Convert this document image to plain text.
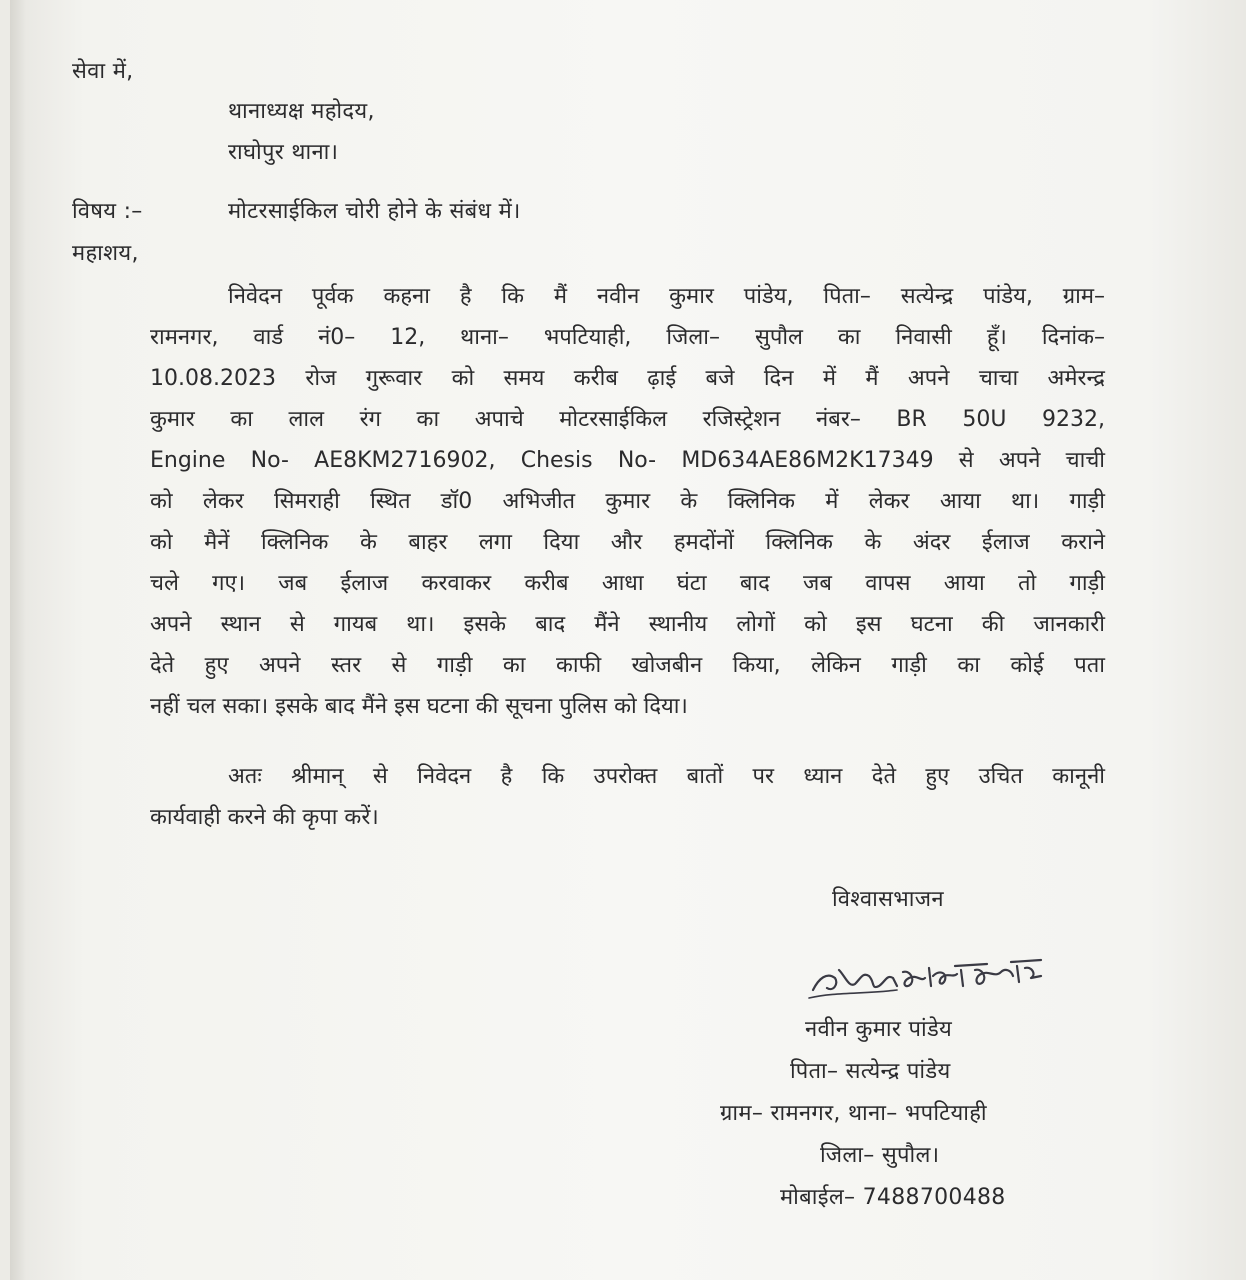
सेवा में,
थानाध्यक्ष महोदय,
राघोपुर थाना।
विषय :–	मोटरसाईकिल चोरी होने के संबंध में।
महाशय,
निवेदन पूर्वक कहना है कि मैं नवीन कुमार पांडेय, पिता– सत्येन्द्र पांडेय, ग्राम–
रामनगर, वार्ड नं0– 12, थाना– भपटियाही, जिला– सुपौल का निवासी हूँ। दिनांक–
10.08.2023 रोज गुरूवार को समय करीब ढ़ाई बजे दिन में मैं अपने चाचा अमेरन्द्र
कुमार का लाल रंग का अपाचे मोटरसाईकिल रजिस्ट्रेशन नंबर– BR 50U 9232,
Engine No- AE8KM2716902, Chesis No- MD634AE86M2K17349 से अपने चाची
को लेकर सिमराही स्थित डॉ0 अभिजीत कुमार के क्लिनिक में लेकर आया था। गाड़ी
को मैनें क्लिनिक के बाहर लगा दिया और हमदोंनों क्लिनिक के अंदर ईलाज कराने
चले गए। जब ईलाज करवाकर करीब आधा घंटा बाद जब वापस आया तो गाड़ी
अपने स्थान से गायब था। इसके बाद मैंने स्थानीय लोगों को इस घटना की जानकारी
देते हुए अपने स्तर से गाड़ी का काफी खोजबीन किया, लेकिन गाड़ी का कोई पता
नहीं चल सका। इसके बाद मैंने इस घटना की सूचना पुलिस को दिया।
अतः श्रीमान् से निवेदन है कि उपरोक्त बातों पर ध्यान देते हुए उचित कानूनी
कार्यवाही करने की कृपा करें।
विश्वासभाजन
नवीन कुमार पांडेय
पिता– सत्येन्द्र पांडेय
ग्राम– रामनगर, थाना– भपटियाही
जिला– सुपौल।
मोबाईल– 7488700488
